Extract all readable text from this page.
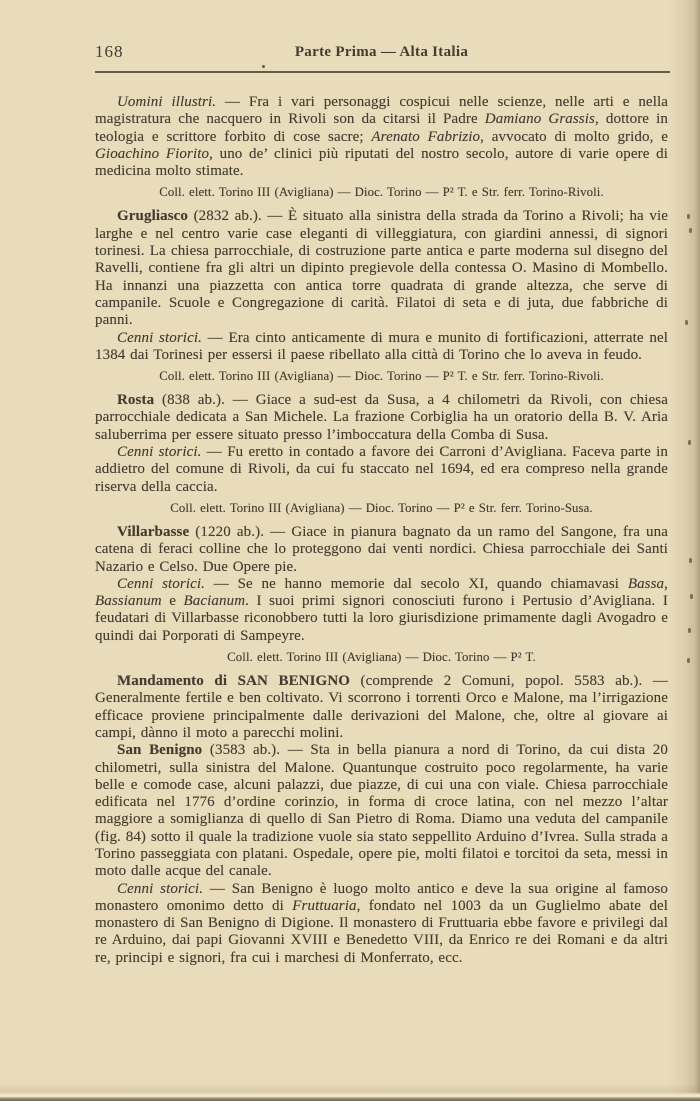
168	Parte Prima — Alta Italia

Uomini illustri. — Fra i vari personaggi cospicui nelle scienze, nelle arti e nella magistratura che nacquero in Rivoli son da citarsi il Padre Damiano Grassis, dottore in teologia e scrittore forbito di cose sacre; Arenato Fabrizio, avvocato di molto grido, e Gioachino Fiorito, uno de’ clinici più riputati del nostro secolo, autore di varie opere di medicina molto stimate.

Coll. elett. Torino III (Avigliana) — Dioc. Torino — P² T. e Str. ferr. Torino-Rivoli.

Grugliasco (2832 ab.). — È situato alla sinistra della strada da Torino a Rivoli; ha vie larghe e nel centro varie case eleganti di villeggiatura, con giardini annessi, di signori torinesi. La chiesa parrocchiale, di costruzione parte antica e parte moderna sul disegno del Ravelli, contiene fra gli altri un dipinto pregievole della contessa O. Masino di Mombello. Ha innanzi una piazzetta con antica torre quadrata di grande altezza, che serve di campanile. Scuole e Congregazione di carità. Filatoi di seta e di juta, due fabbriche di panni.

Cenni storici. — Era cinto anticamente di mura e munito di fortificazioni, atterrate nel 1384 dai Torinesi per essersi il paese ribellato alla città di Torino che lo aveva in feudo.

Coll. elett. Torino III (Avigliana) — Dioc. Torino — P² T. e Str. ferr. Torino-Rivoli.

Rosta (838 ab.). — Giace a sud-est da Susa, a 4 chilometri da Rivoli, con chiesa parrocchiale dedicata a San Michele. La frazione Corbiglia ha un oratorio della B. V. Aria saluberrima per essere situato presso l’imboccatura della Comba di Susa.

Cenni storici. — Fu eretto in contado a favore dei Carroni d’Avigliana. Faceva parte in addietro del comune di Rivoli, da cui fu staccato nel 1694, ed era compreso nella grande riserva della caccia.

Coll. elett. Torino III (Avigliana) — Dioc. Torino — P² e Str. ferr. Torino-Susa.

Villarbasse (1220 ab.). — Giace in pianura bagnato da un ramo del Sangone, fra una catena di feraci colline che lo proteggono dai venti nordici. Chiesa parrocchiale dei Santi Nazario e Celso. Due Opere pie.

Cenni storici. — Se ne hanno memorie dal secolo XI, quando chiamavasi Bassa, Bassianum e Bacianum. I suoi primi signori conosciuti furono i Pertusio d’Avigliana. I feudatari di Villarbasse riconobbero tutti la loro giurisdizione primamente dagli Avogadro e quindi dai Porporati di Sampeyre.

Coll. elett. Torino III (Avigliana) — Dioc. Torino — P² T.

Mandamento di SAN BENIGNO (comprende 2 Comuni, popol. 5583 ab.). — Generalmente fertile e ben coltivato. Vi scorrono i torrenti Orco e Malone, ma l’irrigazione efficace proviene principalmente dalle derivazioni del Malone, che, oltre al giovare ai campi, dànno il moto a parecchi molini.

San Benigno (3583 ab.). — Sta in bella pianura a nord di Torino, da cui dista 20 chilometri, sulla sinistra del Malone. Quantunque costruito poco regolarmente, ha varie belle e comode case, alcuni palazzi, due piazze, di cui una con viale. Chiesa parrocchiale edificata nel 1776 d’ordine corinzio, in forma di croce latina, con nel mezzo l’altar maggiore a somiglianza di quello di San Pietro di Roma. Diamo una veduta del campanile (fig. 84) sotto il quale la tradizione vuole sia stato seppellito Arduino d’Ivrea. Sulla strada a Torino passeggiata con platani. Ospedale, opere pie, molti filatoi e torcitoi da seta, messi in moto dalle acque del canale.

Cenni storici. — San Benigno è luogo molto antico e deve la sua origine al famoso monastero omonimo detto di Fruttuaria, fondato nel 1003 da un Guglielmo abate del monastero di San Benigno di Digione. Il monastero di Fruttuaria ebbe favore e privilegi dal re Arduino, dai papi Giovanni XVIII e Benedetto VIII, da Enrico re dei Romani e da altri re, principi e signori, fra cui i marchesi di Monferrato, ecc.
